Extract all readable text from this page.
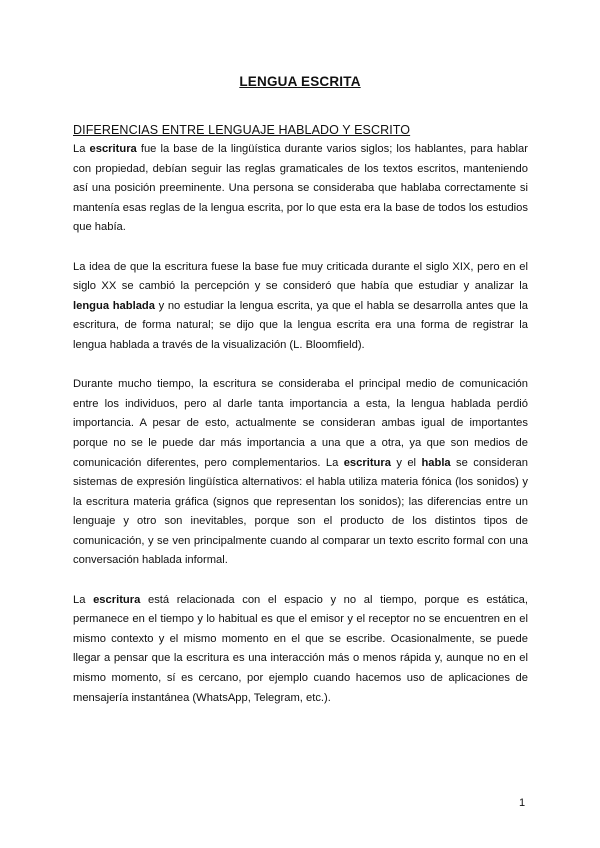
LENGUA ESCRITA
DIFERENCIAS ENTRE LENGUAJE HABLADO Y ESCRITO

La escritura fue la base de la lingüística durante varios siglos; los hablantes, para hablar con propiedad, debían seguir las reglas gramaticales de los textos escritos, manteniendo así una posición preeminente. Una persona se consideraba que hablaba correctamente si mantenía esas reglas de la lengua escrita, por lo que esta era la base de todos los estudios que había.

La idea de que la escritura fuese la base fue muy criticada durante el siglo XIX, pero en el siglo XX se cambió la percepción y se consideró que había que estudiar y analizar la lengua hablada y no estudiar la lengua escrita, ya que el habla se desarrolla antes que la escritura, de forma natural; se dijo que la lengua escrita era una forma de registrar la lengua hablada a través de la visualización (L. Bloomfield).

Durante mucho tiempo, la escritura se consideraba el principal medio de comunicación entre los individuos, pero al darle tanta importancia a esta, la lengua hablada perdió importancia. A pesar de esto, actualmente se consideran ambas igual de importantes porque no se le puede dar más importancia a una que a otra, ya que son medios de comunicación diferentes, pero complementarios. La escritura y el habla se consideran sistemas de expresión lingüística alternativos: el habla utiliza materia fónica (los sonidos) y la escritura materia gráfica (signos que representan los sonidos); las diferencias entre un lenguaje y otro son inevitables, porque son el producto de los distintos tipos de comunicación, y se ven principalmente cuando al comparar un texto escrito formal con una conversación hablada informal.

La escritura está relacionada con el espacio y no al tiempo, porque es estática, permanece en el tiempo y lo habitual es que el emisor y el receptor no se encuentren en el mismo contexto y el mismo momento en el que se escribe. Ocasionalmente, se puede llegar a pensar que la escritura es una interacción más o menos rápida y, aunque no en el mismo momento, sí es cercano, por ejemplo cuando hacemos uso de aplicaciones de mensajería instantánea (WhatsApp, Telegram, etc.).

1
